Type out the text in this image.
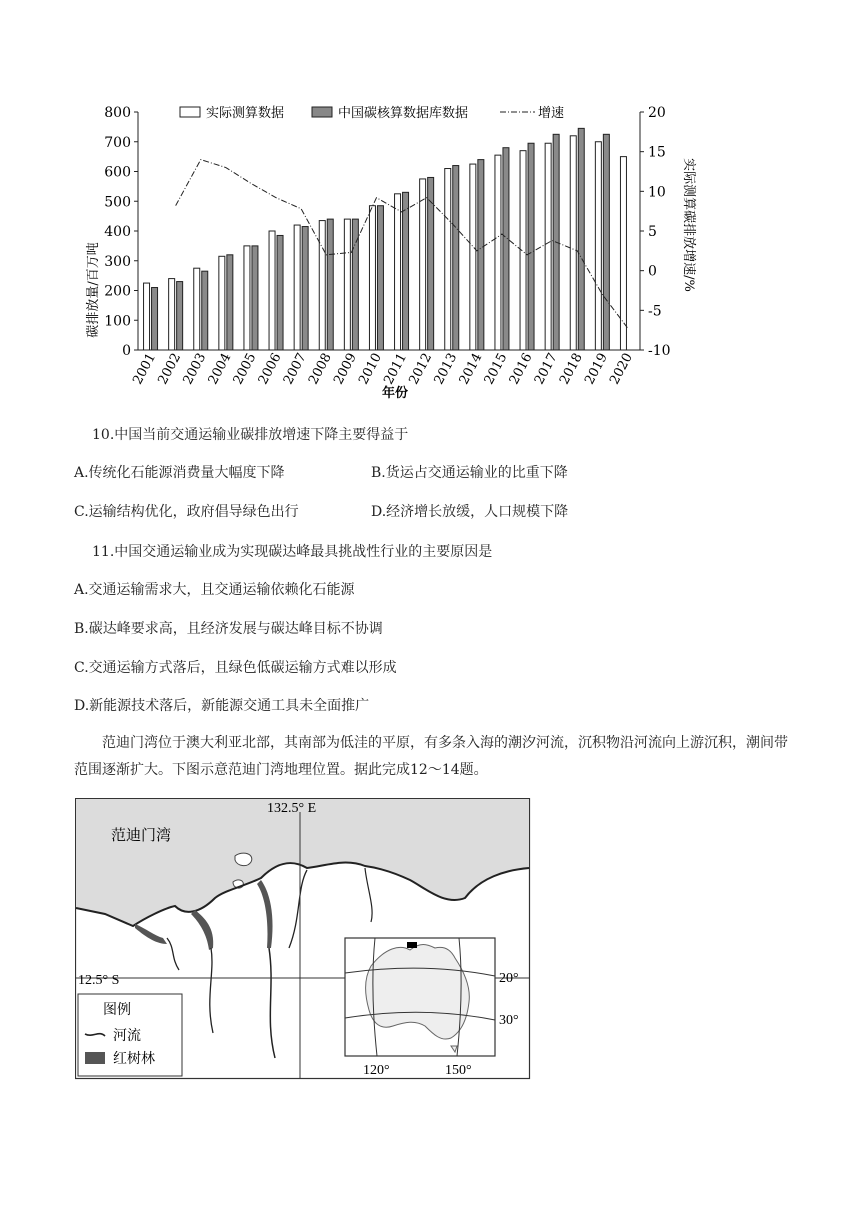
0
100
200
300
400
500
600
700
800	20
15
10
5
0
-5
-10
2001
2002
2003
2004
2005
2006
2007
2008
2009
2010
2011
2012
2013
2014
2015
2016
2017
2018
2019
2020
实际测算数据	中国碳核算数据库数据	增速
碳排放量/百万吨	实际测算碳排放增速/%
年份
10.中国当前交通运输业碳排放增速下降主要得益于
A.传统化石能源消费量大幅度下降	B.货运占交通运输业的比重下降
C.运输结构优化，政府倡导绿色出行	D.经济增长放缓，人口规模下降
11.中国交通运输业成为实现碳达峰最具挑战性行业的主要原因是
A.交通运输需求大，且交通运输依赖化石能源
B.碳达峰要求高，且经济发展与碳达峰目标不协调
C.交通运输方式落后，且绿色低碳运输方式难以形成
D.新能源技术落后，新能源交通工具未全面推广
范迪门湾位于澳大利亚北部，其南部为低洼的平原，有多条入海的潮汐河流，沉积物沿河流向上游沉积，潮间带范围逐渐扩大。下图示意范迪门湾地理位置。据此完成12～14题。
132.5° E
12.5° S
范迪门湾
图例
河流
红树林
20°
30°
120°	150°
